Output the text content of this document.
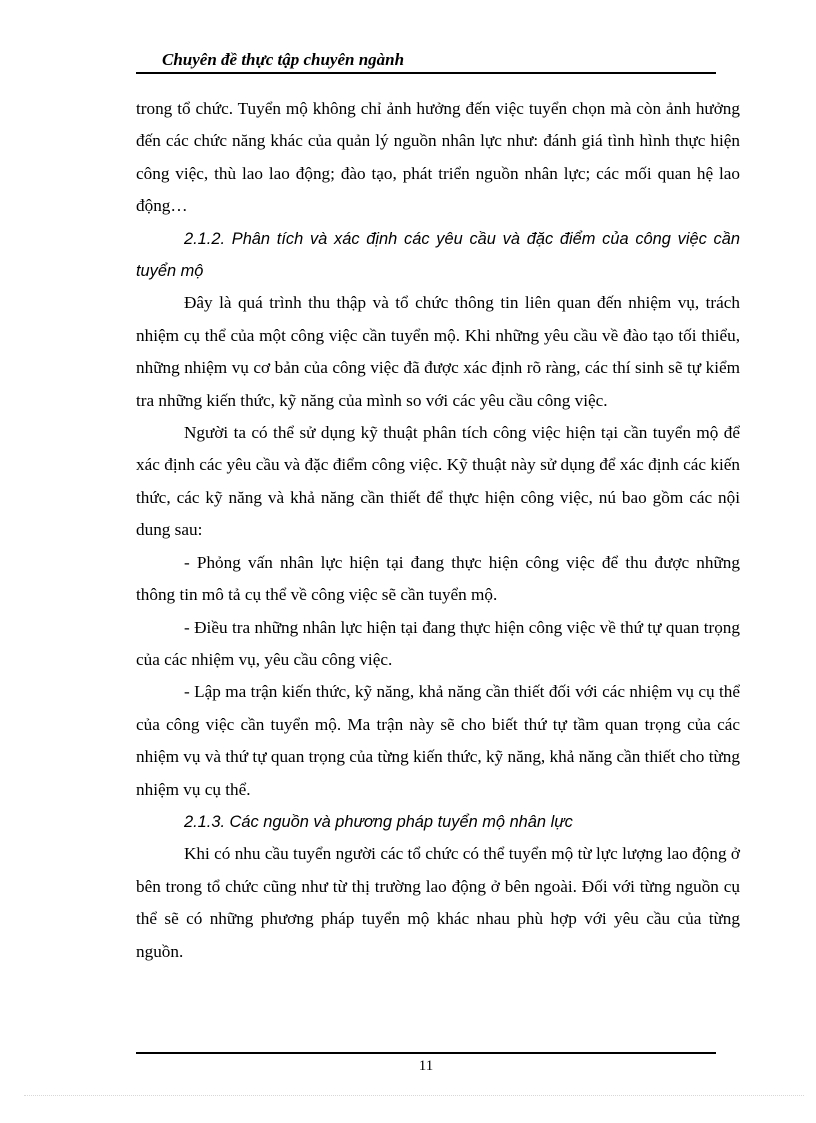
Chuyên đề thực tập chuyên ngành

trong tổ chức. Tuyển mộ không chỉ ảnh hưởng đến việc tuyển chọn mà còn ảnh hưởng đến các chức năng khác của quản lý nguồn nhân lực như: đánh giá tình hình thực hiện công việc, thù lao lao động; đào tạo, phát triển nguồn nhân lực; các mối quan hệ lao động…

2.1.2. Phân tích và xác định các yêu cầu và đặc điểm của công việc cần tuyển mộ

Đây là quá trình thu thập và tổ chức thông tin liên quan đến nhiệm vụ, trách nhiệm cụ thể của một công việc cần tuyển mộ. Khi những yêu cầu về đào tạo tối thiểu, những nhiệm vụ cơ bản của công việc đã được xác định rõ ràng, các thí sinh sẽ tự kiểm tra những kiến thức, kỹ năng của mình so với các yêu cầu công việc.

Người ta có thể sử dụng kỹ thuật phân tích công việc hiện tại cần tuyển mộ để xác định các yêu cầu và đặc điểm công việc. Kỹ thuật này sử dụng để xác định các kiến thức, các kỹ năng và khả năng cần thiết để thực hiện công việc, nú bao gồm các nội dung sau:

- Phỏng vấn nhân lực hiện tại đang thực hiện công việc để thu được những thông tin mô tả cụ thể về công việc sẽ cần tuyển mộ.

- Điều tra những nhân lực hiện tại đang thực hiện công việc về thứ tự quan trọng của các nhiệm vụ, yêu cầu công việc.

- Lập ma trận kiến thức, kỹ năng, khả năng cần thiết đối với các nhiệm vụ cụ thể của công việc cần tuyển mộ. Ma trận này sẽ cho biết thứ tự tầm quan trọng của các nhiệm vụ và thứ tự quan trọng của từng kiến thức, kỹ năng, khả năng cần thiết cho từng nhiệm vụ cụ thể.

2.1.3. Các nguồn và phương pháp tuyển mộ nhân lực

Khi có nhu cầu tuyển người các tổ chức có thể tuyển mộ từ lực lượng lao động ở bên trong tổ chức cũng như từ thị trường lao động ở bên ngoài. Đối với từng nguồn cụ thể sẽ có những phương pháp tuyển mộ khác nhau phù hợp với yêu cầu của từng nguồn.

11
